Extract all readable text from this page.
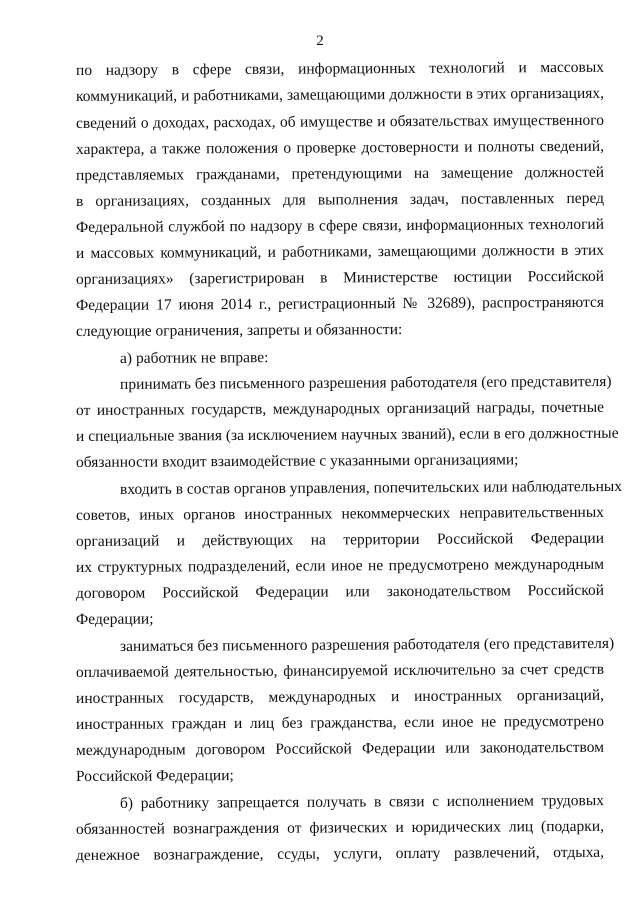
2
по надзору в сфере связи, информационных технологий и массовых
коммуникаций, и работниками, замещающими должности в этих организациях,
сведений о доходах, расходах, об имуществе и обязательствах имущественного
характера, а также положения о проверке достоверности и полноты сведений,
представляемых гражданами, претендующими на замещение должностей
в организациях, созданных для выполнения задач, поставленных перед
Федеральной службой по надзору в сфере связи, информационных технологий
и массовых коммуникаций, и работниками, замещающими должности в этих
организациях» (зарегистрирован в Министерстве юстиции Российской
Федерации 17 июня 2014 г., регистрационный № 32689), распространяются
следующие ограничения, запреты и обязанности:
а) работник не вправе:
принимать без письменного разрешения работодателя (его представителя)
от иностранных государств, международных организаций награды, почетные
и специальные звания (за исключением научных званий), если в его должностные
обязанности входит взаимодействие с указанными организациями;
входить в состав органов управления, попечительских или наблюдательных
советов, иных органов иностранных некоммерческих неправительственных
организаций и действующих на территории Российской Федерации
их структурных подразделений, если иное не предусмотрено международным
договором Российской Федерации или законодательством Российской
Федерации;
заниматься без письменного разрешения работодателя (его представителя)
оплачиваемой деятельностью, финансируемой исключительно за счет средств
иностранных государств, международных и иностранных организаций,
иностранных граждан и лиц без гражданства, если иное не предусмотрено
международным договором Российской Федерации или законодательством
Российской Федерации;
б) работнику запрещается получать в связи с исполнением трудовых
обязанностей вознаграждения от физических и юридических лиц (подарки,
денежное вознаграждение, ссуды, услуги, оплату развлечений, отдыха,
